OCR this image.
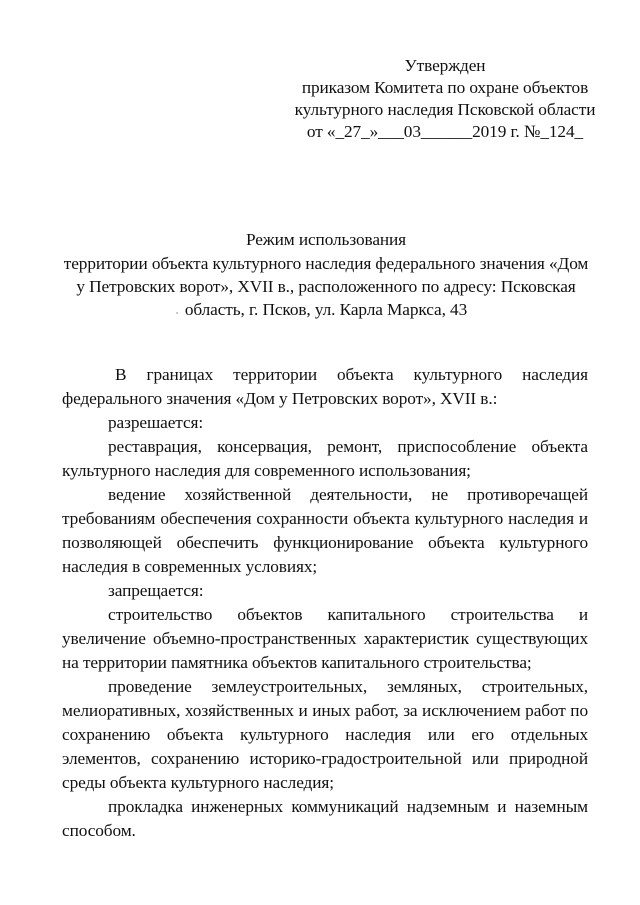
Утвержден
приказом Комитета по охране объектов
культурного наследия Псковской области
от «_27_»___03______2019 г. №_124_
Режим использования
территории объекта культурного наследия федерального значения «Дом
у Петровских ворот», XVII в., расположенного по адресу: Псковская
область, г. Псков, ул. Карла Маркса, 43
В границах территории объекта культурного наследия федерального значения «Дом у Петровских ворот», XVII в.:
разрешается:
реставрация, консервация, ремонт, приспособление объекта культурного наследия для современного использования;
ведение хозяйственной деятельности, не противоречащей требованиям обеспечения сохранности объекта культурного наследия и позволяющей обеспечить функционирование объекта культурного наследия в современных условиях;
запрещается:
строительство объектов капитального строительства и увеличение объемно-пространственных характеристик существующих на территории памятника объектов капитального строительства;
проведение землеустроительных, земляных, строительных, мелиоративных, хозяйственных и иных работ, за исключением работ по сохранению объекта культурного наследия или его отдельных элементов, сохранению историко-градостроительной или природной среды объекта культурного наследия;
прокладка инженерных коммуникаций надземным и наземным способом.
